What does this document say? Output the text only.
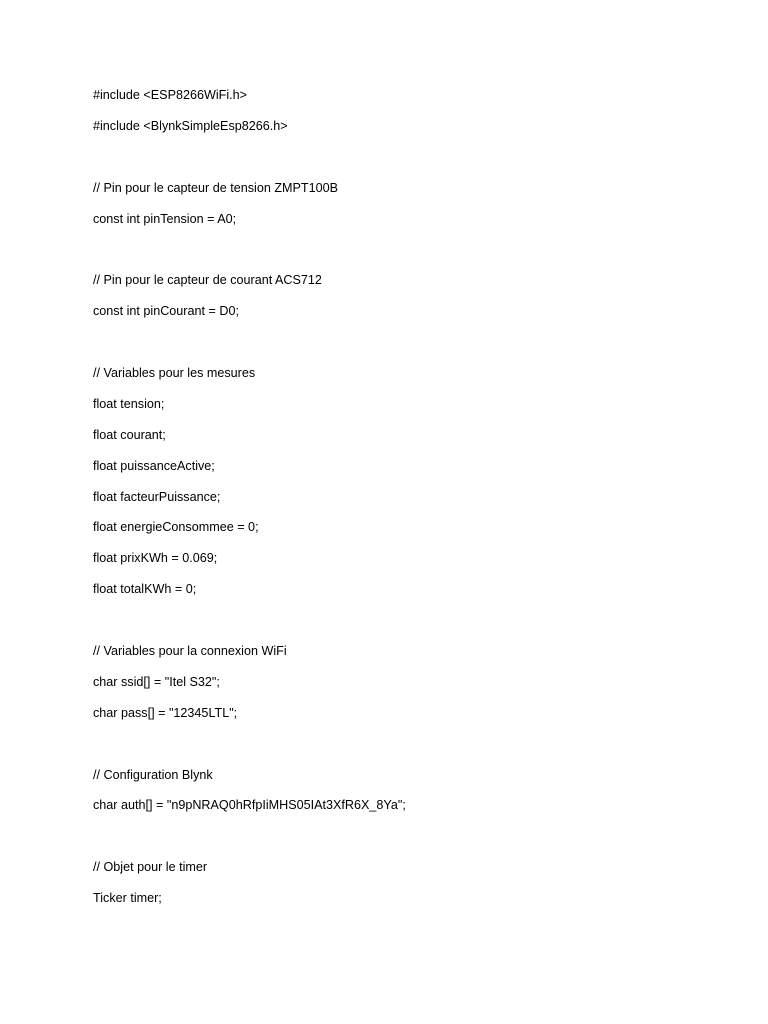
#include <ESP8266WiFi.h>
#include <BlynkSimpleEsp8266.h>
// Pin pour le capteur de tension ZMPT100B
const int pinTension = A0;
// Pin pour le capteur de courant ACS712
const int pinCourant = D0;
// Variables pour les mesures
float tension;
float courant;
float puissanceActive;
float facteurPuissance;
float energieConsommee = 0;
float prixKWh = 0.069;
float totalKWh = 0;
// Variables pour la connexion WiFi
char ssid[] = "Itel S32";
char pass[] = "12345LTL";
// Configuration Blynk
char auth[] = "n9pNRAQ0hRfpIiMHS05IAt3XfR6X_8Ya";
// Objet pour le timer
Ticker timer;
